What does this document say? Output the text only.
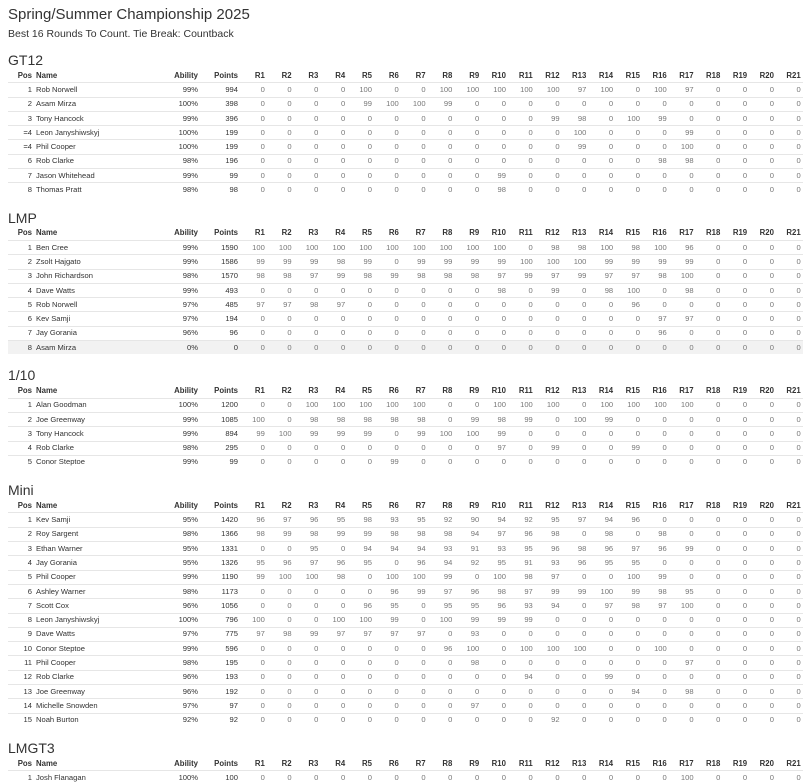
Spring/Summer Championship 2025

Best 16 Rounds To Count. Tie Break: Countback

GT12
Pos	Name	Ability	Points	R1	R2	R3	R4	R5	R6	R7	R8	R9	R10	R11	R12	R13	R14	R15	R16	R17	R18	R19	R20	R21
1	Rob Norwell	99%	994	0	0	0	0	100	0	0	100	100	100	100	100	97	100	0	100	97	0	0	0	0
2	Asam Mirza	100%	398	0	0	0	0	99	100	100	99	0	0	0	0	0	0	0	0	0	0	0	0	0
3	Tony Hancock	99%	396	0	0	0	0	0	0	0	0	0	0	0	99	98	0	100	99	0	0	0	0	0
=4	Leon Janyshiwskyj	100%	199	0	0	0	0	0	0	0	0	0	0	0	0	100	0	0	0	99	0	0	0	0
=4	Phil Cooper	100%	199	0	0	0	0	0	0	0	0	0	0	0	0	99	0	0	0	100	0	0	0	0
6	Rob Clarke	98%	196	0	0	0	0	0	0	0	0	0	0	0	0	0	0	0	98	98	0	0	0	0
7	Jason Whitehead	99%	99	0	0	0	0	0	0	0	0	0	99	0	0	0	0	0	0	0	0	0	0	0
8	Thomas Pratt	98%	98	0	0	0	0	0	0	0	0	0	98	0	0	0	0	0	0	0	0	0	0	0
LMP
Pos	Name	Ability	Points	R1	R2	R3	R4	R5	R6	R7	R8	R9	R10	R11	R12	R13	R14	R15	R16	R17	R18	R19	R20	R21
1	Ben Cree	99%	1590	100	100	100	100	100	100	100	100	100	100	0	98	98	100	98	100	96	0	0	0	0
2	Zsolt Hajgato	99%	1586	99	99	99	98	99	0	99	99	99	99	100	100	100	99	99	99	99	0	0	0	0
3	John Richardson	98%	1570	98	98	97	99	98	99	98	98	98	97	99	97	99	97	97	98	100	0	0	0	0
4	Dave Watts	99%	493	0	0	0	0	0	0	0	0	0	98	0	99	0	98	100	0	98	0	0	0	0
5	Rob Norwell	97%	485	97	97	98	97	0	0	0	0	0	0	0	0	0	0	96	0	0	0	0	0	0
6	Kev Samji	97%	194	0	0	0	0	0	0	0	0	0	0	0	0	0	0	0	97	97	0	0	0	0
7	Jay Gorania	96%	96	0	0	0	0	0	0	0	0	0	0	0	0	0	0	0	96	0	0	0	0	0
8	Asam Mirza	0%	0	0	0	0	0	0	0	0	0	0	0	0	0	0	0	0	0	0	0	0	0	0
1/10
Pos	Name	Ability	Points	R1	R2	R3	R4	R5	R6	R7	R8	R9	R10	R11	R12	R13	R14	R15	R16	R17	R18	R19	R20	R21
1	Alan Goodman	100%	1200	0	0	100	100	100	100	100	0	0	100	100	100	0	100	100	100	100	0	0	0	0
2	Joe Greenway	99%	1085	100	0	98	98	98	98	98	0	99	98	99	0	100	99	0	0	0	0	0	0	0
3	Tony Hancock	99%	894	99	100	99	99	99	0	99	100	100	99	0	0	0	0	0	0	0	0	0	0	0
4	Rob Clarke	98%	295	0	0	0	0	0	0	0	0	0	97	0	99	0	0	99	0	0	0	0	0	0
5	Conor Steptoe	99%	99	0	0	0	0	0	99	0	0	0	0	0	0	0	0	0	0	0	0	0	0	0
Mini
Pos	Name	Ability	Points	R1	R2	R3	R4	R5	R6	R7	R8	R9	R10	R11	R12	R13	R14	R15	R16	R17	R18	R19	R20	R21
1	Kev Samji	95%	1420	96	97	96	95	98	93	95	92	90	94	92	95	97	94	96	0	0	0	0	0	0
2	Roy Sargent	98%	1366	98	99	98	99	99	98	98	98	94	97	96	98	0	98	0	98	0	0	0	0	0
3	Ethan Warner	95%	1331	0	0	95	0	94	94	94	93	91	93	95	96	98	96	97	96	99	0	0	0	0
4	Jay Gorania	95%	1326	95	96	97	96	95	0	96	94	92	95	91	93	96	95	95	0	0	0	0	0	0
5	Phil Cooper	99%	1190	99	100	100	98	0	100	100	99	0	100	98	97	0	0	100	99	0	0	0	0	0
6	Ashley Warner	98%	1173	0	0	0	0	0	96	99	97	96	98	97	99	99	100	99	98	95	0	0	0	0
7	Scott Cox	96%	1056	0	0	0	0	96	95	0	95	95	96	93	94	0	97	98	97	100	0	0	0	0
8	Leon Janyshiwskyj	100%	796	100	0	0	100	100	99	0	100	99	99	99	0	0	0	0	0	0	0	0	0	0
9	Dave Watts	97%	775	97	98	99	97	97	97	97	0	93	0	0	0	0	0	0	0	0	0	0	0	0
10	Conor Steptoe	99%	596	0	0	0	0	0	0	0	96	100	0	100	100	100	0	0	100	0	0	0	0	0
11	Phil Cooper	98%	195	0	0	0	0	0	0	0	0	98	0	0	0	0	0	0	0	97	0	0	0	0
12	Rob Clarke	96%	193	0	0	0	0	0	0	0	0	0	0	94	0	0	99	0	0	0	0	0	0	0
13	Joe Greenway	96%	192	0	0	0	0	0	0	0	0	0	0	0	0	0	0	94	0	98	0	0	0	0
14	Michelle Snowden	97%	97	0	0	0	0	0	0	0	0	97	0	0	0	0	0	0	0	0	0	0	0	0
15	Noah Burton	92%	92	0	0	0	0	0	0	0	0	0	0	0	92	0	0	0	0	0	0	0	0	0
LMGT3
Pos	Name	Ability	Points	R1	R2	R3	R4	R5	R6	R7	R8	R9	R10	R11	R12	R13	R14	R15	R16	R17	R18	R19	R20	R21
1	Josh Flanagan	100%	100	0	0	0	0	0	0	0	0	0	0	0	0	0	0	0	0	100	0	0	0	0
